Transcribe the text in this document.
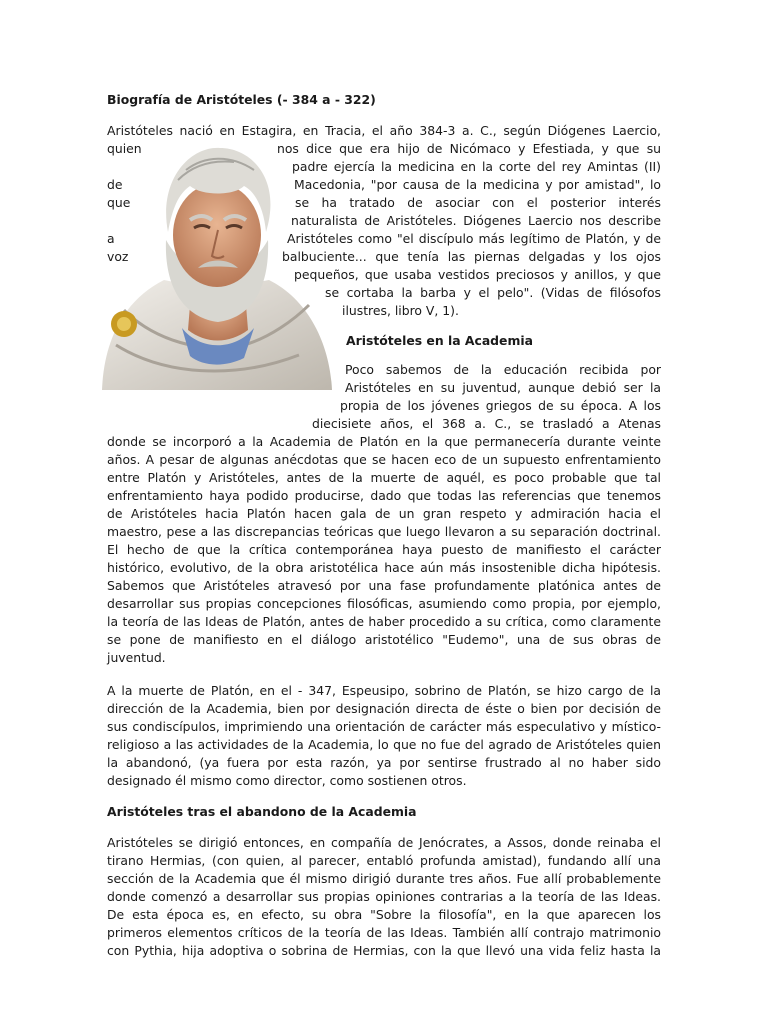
Biografía de Aristóteles (- 384 a - 322)
Aristóteles nació en Estagira, en Tracia, el año 384-3 a. C., según Diógenes Laercio,
quien	nos dice que era hijo de Nicómaco y Efestiada, y que su
padre ejercía la medicina en la corte del rey Amintas (II)
de	Macedonia, "por causa de la medicina y por amistad", lo
que	se ha tratado de asociar con el posterior interés
naturalista de Aristóteles. Diógenes Laercio nos describe
a	Aristóteles como "el discípulo más legítimo de Platón, y de
voz	balbuciente... que tenía las piernas delgadas y los ojos
pequeños, que usaba vestidos preciosos y anillos, y que
se cortaba la barba y el pelo". (Vidas de filósofos
ilustres, libro V, 1).
Aristóteles en la Academia
Poco sabemos de la educación recibida por
Aristóteles en su juventud, aunque debió ser la
propia de los jóvenes griegos de su época. A los
diecisiete años, el 368 a. C., se trasladó a Atenas
donde se incorporó a la Academia de Platón en la que permanecería durante veinte
años. A pesar de algunas anécdotas que se hacen eco de un supuesto enfrentamiento
entre Platón y Aristóteles, antes de la muerte de aquél, es poco probable que tal
enfrentamiento haya podido producirse, dado que todas las referencias que tenemos
de Aristóteles hacia Platón hacen gala de un gran respeto y admiración hacia el
maestro, pese a las discrepancias teóricas que luego llevaron a su separación doctrinal.
El hecho de que la crítica contemporánea haya puesto de manifiesto el carácter
histórico, evolutivo, de la obra aristotélica hace aún más insostenible dicha hipótesis.
Sabemos que Aristóteles atravesó por una fase profundamente platónica antes de
desarrollar sus propias concepciones filosóficas, asumiendo como propia, por ejemplo,
la teoría de las Ideas de Platón, antes de haber procedido a su crítica, como claramente
se pone de manifiesto en el diálogo aristotélico "Eudemo", una de sus obras de
juventud.
A la muerte de Platón, en el - 347, Espeusipo, sobrino de Platón, se hizo cargo de la
dirección de la Academia, bien por designación directa de éste o bien por decisión de
sus condiscípulos, imprimiendo una orientación de carácter más especulativo y místico-
religioso a las actividades de la Academia, lo que no fue del agrado de Aristóteles quien
la abandonó, (ya fuera por esta razón, ya por sentirse frustrado al no haber sido
designado él mismo como director, como sostienen otros.
Aristóteles tras el abandono de la Academia
Aristóteles se dirigió entonces, en compañía de Jenócrates, a Assos, donde reinaba el
tirano Hermias, (con quien, al parecer, entabló profunda amistad), fundando allí una
sección de la Academia que él mismo dirigió durante tres años. Fue allí probablemente
donde comenzó a desarrollar sus propias opiniones contrarias a la teoría de las Ideas.
De esta época es, en efecto, su obra "Sobre la filosofía", en la que aparecen los
primeros elementos críticos de la teoría de las Ideas. También allí contrajo matrimonio
con Pythia, hija adoptiva o sobrina de Hermias, con la que llevó una vida feliz hasta la
